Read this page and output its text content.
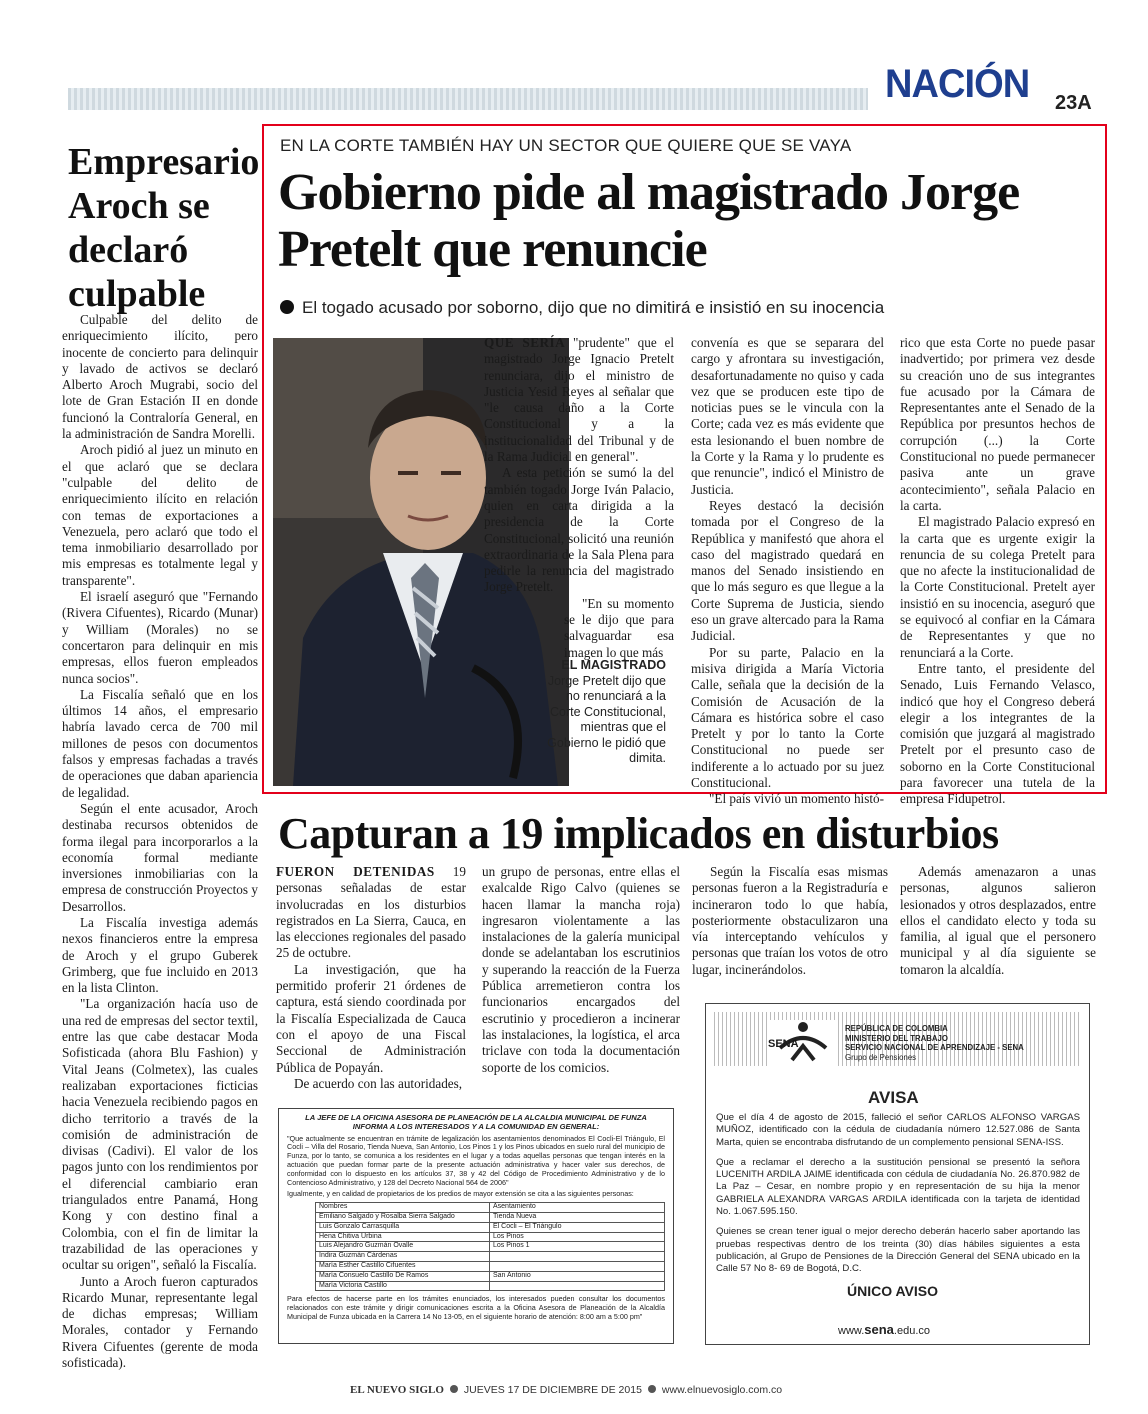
NACIÓN 23A
Empresario Aroch se declaró culpable

Culpable del delito de enriquecimiento ilícito, pero inocente de concierto para delinquir y lavado de activos se declaró Alberto Aroch Mugrabi, socio del lote de Gran Estación II en donde funcionó la Contraloría General, en la administración de Sandra Morelli.

Aroch pidió al juez un minuto en el que aclaró que se declara "culpable del delito de enriquecimiento ilícito en relación con temas de exportaciones a Venezuela, pero aclaró que todo el tema inmobiliario desarrollado por mis empresas es totalmente legal y transparente".

El israelí aseguró que "Fernando (Rivera Cifuentes), Ricardo (Munar) y William (Morales) no se concertaron para delinquir en mis empresas, ellos fueron empleados nunca socios".

La Fiscalía señaló que en los últimos 14 años, el empresario habría lavado cerca de 700 mil millones de pesos con documentos falsos y empresas fachadas a través de operaciones que daban apariencia de legalidad.

Según el ente acusador, Aroch destinaba recursos obtenidos de forma ilegal para incorporarlos a la economía formal mediante inversiones inmobiliarias con la empresa de construcción Proyectos y Desarrollos.

La Fiscalía investiga además nexos financieros entre la empresa de Aroch y el grupo Guberek Grimberg, que fue incluido en 2013 en la lista Clinton.

"La organización hacía uso de una red de empresas del sector textil, entre las que cabe destacar Moda Sofisticada (ahora Blu Fashion) y Vital Jeans (Colmetex), las cuales realizaban exportaciones ficticias hacia Venezuela recibiendo pagos en dicho territorio a través de la comisión de administración de divisas (Cadivi). El valor de los pagos junto con los rendimientos por el diferencial cambiario eran triangulados entre Panamá, Hong Kong y con destino final a Colombia, con el fin de limitar la trazabilidad de las operaciones y ocultar su origen", señaló la Fiscalía.

Junto a Aroch fueron capturados Ricardo Munar, representante legal de dichas empresas; William Morales, contador y Fernando Rivera Cifuentes (gerente de moda sofisticada).

EN LA CORTE TAMBIÉN HAY UN SECTOR QUE QUIERE QUE SE VAYA
Gobierno pide al magistrado Jorge Pretelt que renuncie
El togado acusado por soborno, dijo que no dimitirá e insistió en su inocencia
EL MAGISTRADO
Jorge Pretelt dijo que no renunciará a la Corte Constitucional, mientras que el Gobierno le pidió que dimita.

QUE SERÍA "prudente" que el magistrado Jorge Ignacio Pretelt renunciara, dijo el ministro de Justicia Yesid Reyes al señalar que "le causa daño a la Corte Constitucional y a la institucionalidad del Tribunal y de la Rama Judicial en general".

A esta petición se sumó la del también togado Jorge Iván Palacio, quien en carta dirigida a la presidencia de la Corte Constitucional, solicitó una reunión extraordinaria de la Sala Plena para pedirle la renuncia del magistrado Jorge Pretelt.

"En su momento se le dijo que para salvaguardar esa imagen lo que más

convenía es que se separara del cargo y afrontara su investigación, desafortunadamente no quiso y cada vez que se producen este tipo de noticias pues se le vincula con la Corte; cada vez es más evidente que esta lesionando el buen nombre de la Corte y la Rama y lo prudente es que renuncie", indicó el Ministro de Justicia.

Reyes destacó la decisión tomada por el Congreso de la República y manifestó que ahora el caso del magistrado quedará en manos del Senado insistiendo en que lo más seguro es que llegue a la Corte Suprema de Justicia, siendo eso un grave altercado para la Rama Judicial.

Por su parte, Palacio en la misiva dirigida a María Victoria Calle, señala que la decisión de la Comisión de Acusación de la Cámara es histórica sobre el caso Pretelt y por lo tanto la Corte Constitucional no puede ser indiferente a lo actuado por su juez Constitucional.

"El país vivió un momento histó-

rico que esta Corte no puede pasar inadvertido; por primera vez desde su creación uno de sus integrantes fue acusado por la Cámara de Representantes ante el Senado de la República por presuntos hechos de corrupción (...) la Corte Constitucional no puede permanecer pasiva ante un grave acontecimiento", señala Palacio en la carta.

El magistrado Palacio expresó en la carta que es urgente exigir la renuncia de su colega Pretelt para que no afecte la institucionalidad de la Corte Constitucional. Pretelt ayer insistió en su inocencia, aseguró que se equivocó al confiar en la Cámara de Representantes y que no renunciará a la Corte.

Entre tanto, el presidente del Senado, Luis Fernando Velasco, indicó que hoy el Congreso deberá elegir a los integrantes de la comisión que juzgará al magistrado Pretelt por el presunto caso de soborno en la Corte Constitucional para favorecer una tutela de la empresa Fidupetrol.

Capturan a 19 implicados en disturbios

FUERON DETENIDAS 19 personas señaladas de estar involucradas en los disturbios registrados en La Sierra, Cauca, en las elecciones regionales del pasado 25 de octubre.

La investigación, que ha permitido proferir 21 órdenes de captura, está siendo coordinada por la Fiscalía Especializada de Cauca con el apoyo de una Fiscal Seccional de Administración Pública de Popayán.

De acuerdo con las autoridades,

un grupo de personas, entre ellas el exalcalde Rigo Calvo (quienes se hacen llamar la mancha roja) ingresaron violentamente a las instalaciones de la galería municipal donde se adelantaban los escrutinios y superando la reacción de la Fuerza Pública arremetieron contra los funcionarios encargados del escrutinio y procedieron a incinerar las instalaciones, la logística, el arca triclave con toda la documentación soporte de los comicios.

Según la Fiscalía esas mismas personas fueron a la Registraduría e incineraron todo lo que había, posteriormente obstaculizaron una vía interceptando vehículos y personas que traían los votos de otro lugar, incinerándolos.

Además amenazaron a unas personas, algunos salieron lesionados y otros desplazados, entre ellos el candidato electo y toda su familia, al igual que el personero municipal y al día siguiente se tomaron la alcaldía.

LA JEFE DE LA OFICINA ASESORA DE PLANEACIÓN DE LA ALCALDIA MUNICIPAL DE FUNZA INFORMA A LOS INTERESADOS Y A LA COMUNIDAD EN GENERAL:
"Que actualmente se encuentran en trámite de legalización los asentamientos denominados El Cocli-El Triángulo, El Cocli – Villa del Rosario, Tienda Nueva, San Antonio, Los Pinos 1 y los Pinos ubicados en suelo rural del municipio de Funza, por lo tanto, se comunica a los residentes en el lugar y a todas aquellas personas que tengan interés en la actuación que puedan formar parte de la presente actuación administrativa y hacer valer sus derechos, de conformidad con lo dispuesto en los artículos 37, 38 y 42 del Código de Procedimiento Administrativo y de lo Contencioso Administrativo, y 128 del Decreto Nacional 564 de 2006"
Igualmente, y en calidad de propietarios de los predios de mayor extensión se cita a las siguientes personas:
Nombres	Asentamiento
Emiliano Salgado y Rosalba Sierra Salgado	Tienda Nueva
Luis Gonzalo Carrasquilla	El Cocli – El Triángulo
Hena Chitiva Urbina	Los Pinos
Luis Alejandro Guzmán Ovalle	Los Pinos 1
Indira Guzmán Cárdenas	
María Esther Castillo Cifuentes	
María Consuelo Castillo De Ramos	San Antonio
María Victoria Castillo	
Para efectos de hacerse parte en los trámites enunciados, los interesados pueden consultar los documentos relacionados con este trámite y dirigir comunicaciones escrita a la Oficina Asesora de Planeación de la Alcaldía Municipal de Funza ubicada en la Carrera 14 No 13-05, en el siguiente horario de atención: 8:00 am a 5:00 pm"
SENA
REPÚBLICA DE COLOMBIA
MINISTERIO DEL TRABAJO
SERVICIO NACIONAL DE APRENDIZAJE - SENA
Grupo de Pensiones
AVISA

Que el día 4 de agosto de 2015, falleció el señor CARLOS ALFONSO VARGAS MUÑOZ, identificado con la cédula de ciudadanía número 12.527.086 de Santa Marta, quien se encontraba disfrutando de un complemento pensional SENA-ISS.

Que a reclamar el derecho a la sustitución pensional se presentó la señora LUCENITH ARDILA JAIME identificada con cédula de ciudadanía No. 26.870.982 de La Paz – Cesar, en nombre propio y en representación de su hija la menor GABRIELA ALEXANDRA VARGAS ARDILA identificada con la tarjeta de identidad No. 1.067.595.150.

Quienes se crean tener igual o mejor derecho deberán hacerlo saber aportando las pruebas respectivas dentro de los treinta (30) días hábiles siguientes a esta publicación, al Grupo de Pensiones de la Dirección General del SENA ubicado en la Calle 57 No 8- 69 de Bogotá, D.C.

ÚNICO AVISO
www.sena.edu.co
EL NUEVO SIGLO JUEVES 17 DE DICIEMBRE DE 2015 www.elnuevosiglo.com.co
